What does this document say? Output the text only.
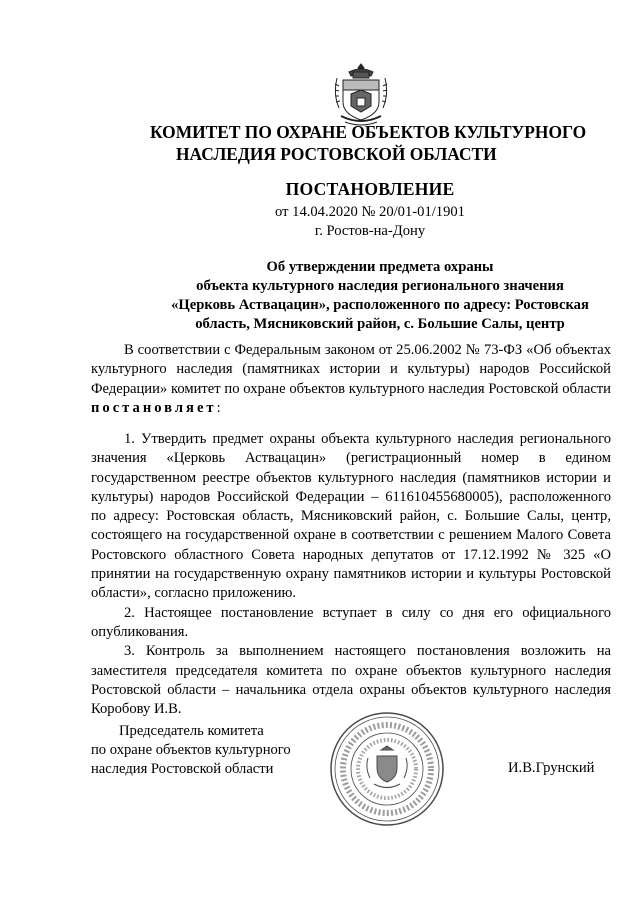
КОМИТЕТ ПО ОХРАНЕ ОБЪЕКТОВ КУЛЬТУРНОГО
НАСЛЕДИЯ РОСТОВСКОЙ ОБЛАСТИ
ПОСТАНОВЛЕНИЕ
от 14.04.2020 № 20/01-01/1901
г. Ростов-на-Дону
Об утверждении предмета охраны
объекта культурного наследия регионального значения
«Церковь Аствацацин», расположенного по адресу: Ростовская
область, Мясниковский район, с. Большие Салы, центр

В соответствии с Федеральным законом от 25.06.2002 № 73-ФЗ «Об объектах культурного наследия (памятниках истории и культуры) народов Российской Федерации» комитет по охране объектов культурного наследия Ростовской области постановляет:

1. Утвердить предмет охраны объекта культурного наследия регионального значения «Церковь Аствацацин» (регистрационный номер в едином государственном реестре объектов культурного наследия (памятников истории и культуры) народов Российской Федерации – 611610455680005), расположенного по адресу: Ростовская область, Мясниковский район, с. Большие Салы, центр, состоящего на государственной охране в соответствии с решением Малого Совета Ростовского областного Совета народных депутатов от 17.12.1992 № 325 «О принятии на государственную охрану памятников истории и культуры Ростовской области», согласно приложению.

2. Настоящее постановление вступает в силу со дня его официального опубликования.

3. Контроль за выполнением настоящего постановления возложить на заместителя председателя комитета по охране объектов культурного наследия Ростовской области – начальника отдела охраны объектов культурного наследия Коробову И.В.

Председатель комитета
по охране объектов культурного
наследия Ростовской области	И.В.Грунский
